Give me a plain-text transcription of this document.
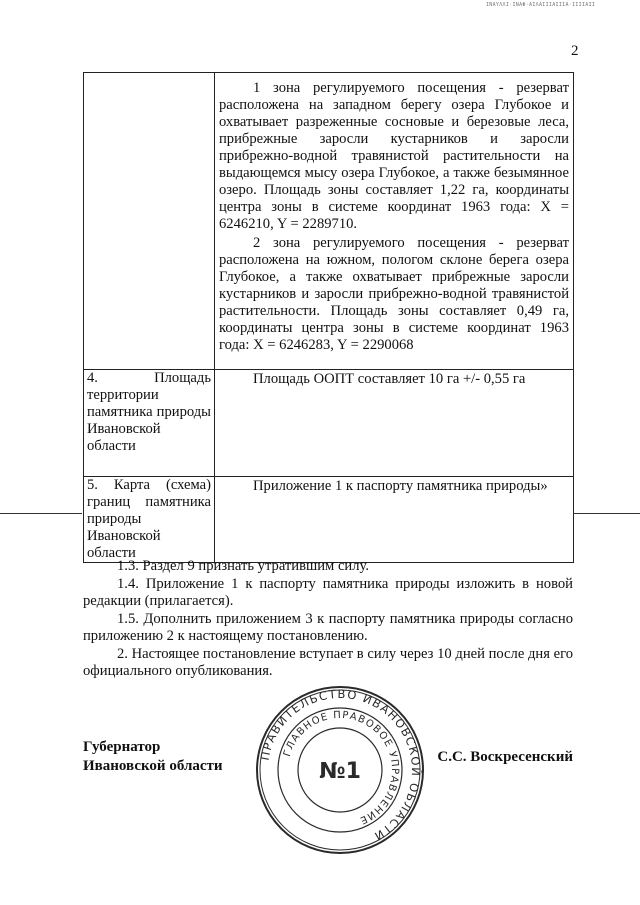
ΙΝΑΥΛΛΙ·ΙΝΑΦ·ΑΙΛΑΙΙΙΑΙΙΙΑ·ΙΙΙΙΑΙΙ
2

	1 зона регулируемого посещения - резерват расположена на западном берегу озера Глубокое и охватывает разреженные сосновые и березовые леса, прибрежные заросли кустарников и заросли прибрежно-водной травянистой растительности на выдающемся мысу озера Глубокое, а также безымянное озеро. Площадь зоны составляет 1,22 га, координаты центра зоны в системе координат 1963 года: X = 6246210, Y = 2289710.

2 зона регулируемого посещения - резерват расположена на южном, пологом склоне берега озера Глубокое, а также охватывает прибрежные заросли кустарников и заросли прибрежно-водной травянистой растительности. Площадь зоны составляет 0,49 га, координаты центра зоны в системе координат 1963 года: X = 6246283, Y = 2290068

4. Площадь территории памятника природы Ивановской области	Площадь ООПТ составляет 10 га +/- 0,55 га

5. Карта (схема) границ памятника природы Ивановской области	Приложение 1 к паспорту памятника природы»

1.3. Раздел 9 признать утратившим силу.

1.4. Приложение 1 к паспорту памятника природы изложить в новой редакции (прилагается).

1.5. Дополнить приложением 3 к паспорту памятника природы согласно приложению 2 к настоящему постановлению.

2. Настоящее постановление вступает в силу через 10 дней после дня его официального опубликования.

ПРАВИТЕЛЬСТВО ИВАНОВСКОЙ ОБЛАСТИ
ГЛАВНОЕ ПРАВОВОЕ УПРАВЛЕНИЕ
№1
Губернатор
Ивановской области
С.С. Воскресенский
